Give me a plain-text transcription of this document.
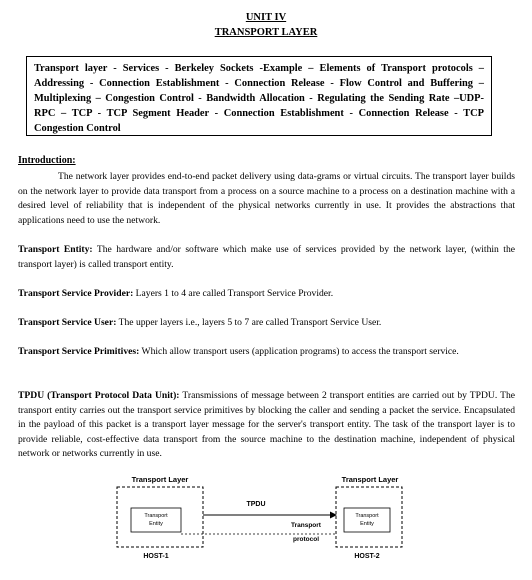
UNIT IV
TRANSPORT LAYER
Transport layer - Services - Berkeley Sockets -Example – Elements of Transport protocols – Addressing - Connection Establishment - Connection Release - Flow Control and Buffering – Multiplexing – Congestion Control - Bandwidth Allocation - Regulating the Sending Rate –UDP- RPC – TCP - TCP Segment Header - Connection Establishment - Connection Release - TCP Congestion Control
Introduction:

The network layer provides end-to-end packet delivery using data-grams or virtual circuits. The transport layer builds on the network layer to provide data transport from a process on a source machine to a process on a destination machine with a desired level of reliability that is independent of the physical networks currently in use. It provides the abstractions that applications need to use the network.

Transport Entity: The hardware and/or software which make use of services provided by the network layer, (within the transport layer) is called transport entity.

Transport Service Provider: Layers 1 to 4 are called Transport Service Provider.

Transport Service User: The upper layers i.e., layers 5 to 7 are called Transport Service User.

Transport Service Primitives: Which allow transport users (application programs) to access the transport service.

TPDU (Transport Protocol Data Unit): Transmissions of message between 2 transport entities are carried out by TPDU. The transport entity carries out the transport service primitives by blocking the caller and sending a packet the service. Encapsulated in the payload of this packet is a transport layer message for the server's transport entity. The task of the transport layer is to provide reliable, cost-effective data transport from the source machine to the destination machine, independent of physical network or networks currently in use.

Transport Layer
Transport
Entity
HOST-1
TPDU
Transport
protocol
Transport Layer
Transport
Entity
HOST-2
